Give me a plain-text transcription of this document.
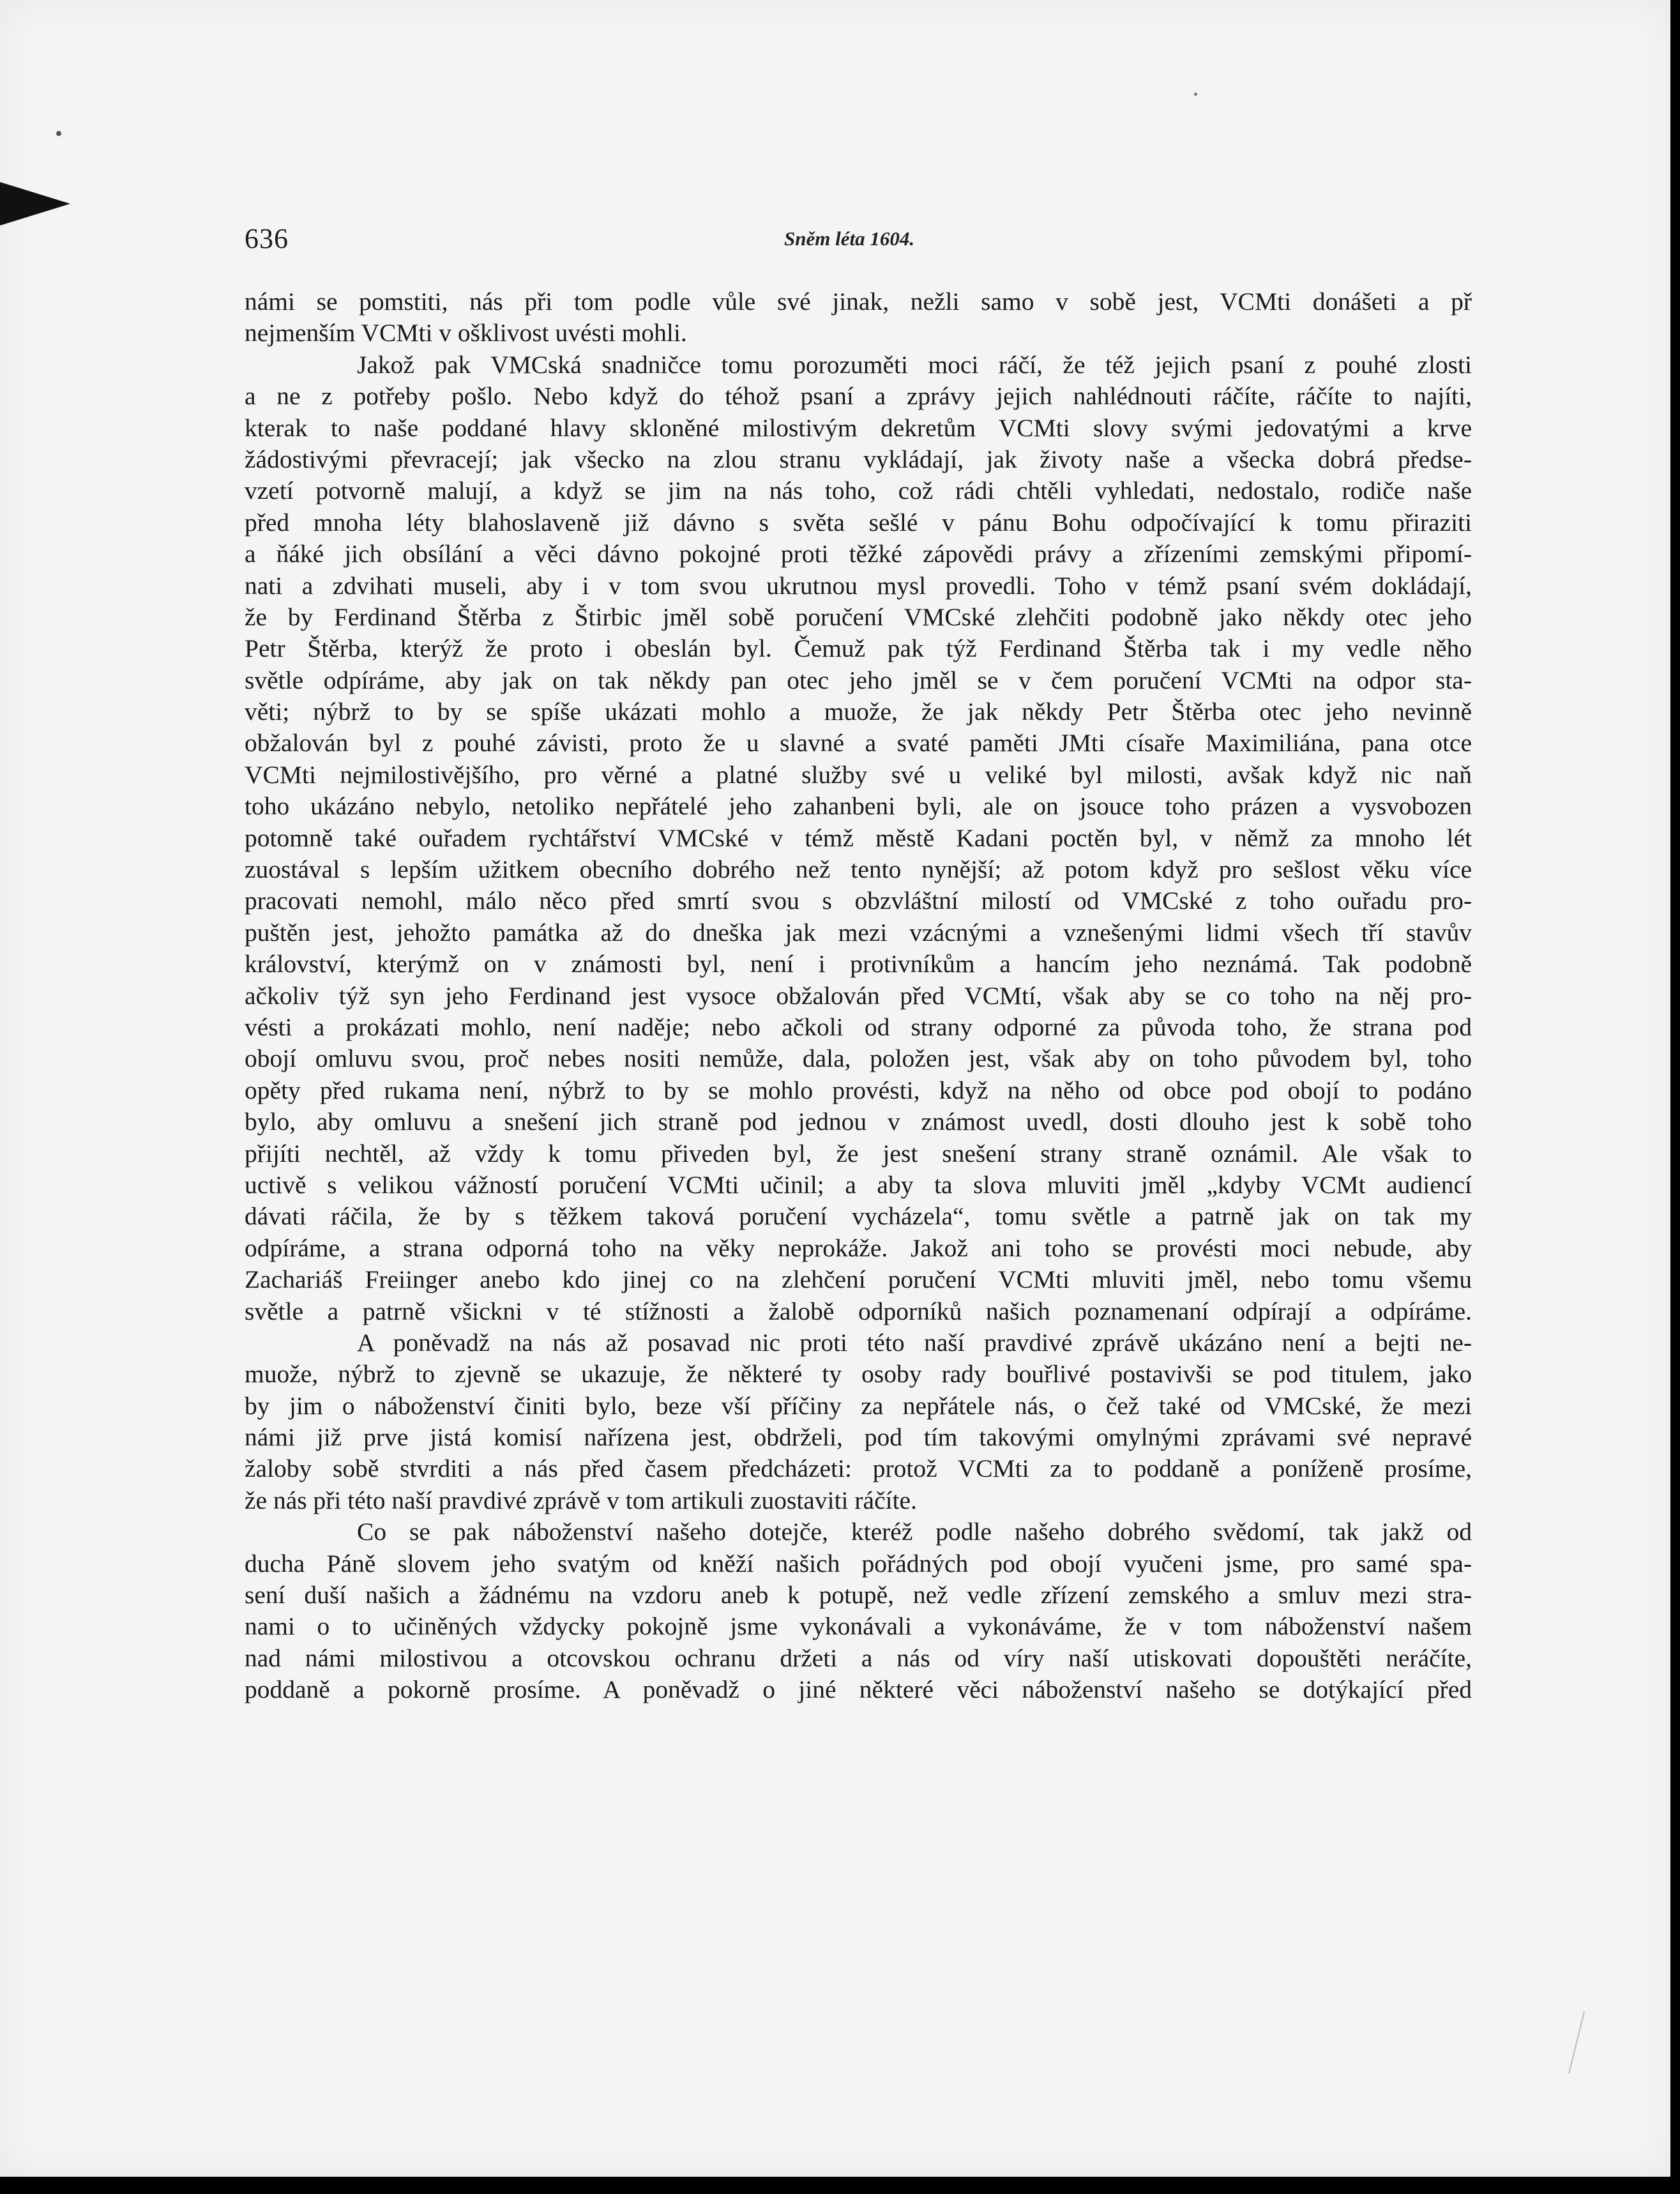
636	Sněm léta 1604.
námi se pomstiti, nás při tom podle vůle své jinak, nežli samo v sobě jest, VCMti donášeti a př
nejmenším VCMti v ošklivost uvésti mohli.
Jakož pak VMCská snadničce tomu porozuměti moci ráčí, že též jejich psaní z pouhé zlosti
a ne z potřeby pošlo. Nebo když do téhož psaní a zprávy jejich nahlédnouti ráčíte, ráčíte to najíti,
kterak to naše poddané hlavy skloněné milostivým dekretům VCMti slovy svými jedovatými a krve
žádostivými převracejí; jak všecko na zlou stranu vykládají, jak životy naše a všecka dobrá předse-
vzetí potvorně malují, a když se jim na nás toho, což rádi chtěli vyhledati, nedostalo, rodiče naše
před mnoha léty blahoslaveně již dávno s světa sešlé v pánu Bohu odpočívající k tomu přiraziti
a ňáké jich obsílání a věci dávno pokojné proti těžké zápovědi právy a zřízeními zemskými připomí-
nati a zdvihati museli, aby i v tom svou ukrutnou mysl provedli. Toho v témž psaní svém dokládají,
že by Ferdinand Štěrba z Štirbic jměl sobě poručení VMCské zlehčiti podobně jako někdy otec jeho
Petr Štěrba, kterýž že proto i obeslán byl. Čemuž pak týž Ferdinand Štěrba tak i my vedle něho
světle odpíráme, aby jak on tak někdy pan otec jeho jměl se v čem poručení VCMti na odpor sta-
věti; nýbrž to by se spíše ukázati mohlo a muože, že jak někdy Petr Štěrba otec jeho nevinně
obžalován byl z pouhé závisti, proto že u slavné a svaté paměti JMti císaře Maximiliána, pana otce
VCMti nejmilostivějšího, pro věrné a platné služby své u veliké byl milosti, avšak když nic naň
toho ukázáno nebylo, netoliko nepřátelé jeho zahanbeni byli, ale on jsouce toho prázen a vysvobozen
potomně také ouřadem rychtářství VMCské v témž městě Kadani poctěn byl, v němž za mnoho lét
zuostával s lepším užitkem obecního dobrého než tento nynější; až potom když pro sešlost věku více
pracovati nemohl, málo něco před smrtí svou s obzvláštní milostí od VMCské z toho ouřadu pro-
puštěn jest, jehožto památka až do dneška jak mezi vzácnými a vznešenými lidmi všech tří stavův
království, kterýmž on v známosti byl, není i protivníkům a hancím jeho neznámá. Tak podobně
ačkoliv týž syn jeho Ferdinand jest vysoce obžalován před VCMtí, však aby se co toho na něj pro-
vésti a prokázati mohlo, není naděje; nebo ačkoli od strany odporné za původa toho, že strana pod
obojí omluvu svou, proč nebes nositi nemůže, dala, položen jest, však aby on toho původem byl, toho
opěty před rukama není, nýbrž to by se mohlo provésti, když na něho od obce pod obojí to podáno
bylo, aby omluvu a snešení jich straně pod jednou v známost uvedl, dosti dlouho jest k sobě toho
přijíti nechtěl, až vždy k tomu přiveden byl, že jest snešení strany straně oznámil. Ale však to
uctivě s velikou vážností poručení VCMti učinil; a aby ta slova mluviti jměl „kdyby VCMt audiencí
dávati ráčila, že by s těžkem taková poručení vycházela“, tomu světle a patrně jak on tak my
odpíráme, a strana odporná toho na věky neprokáže. Jakož ani toho se provésti moci nebude, aby
Zachariáš Freiinger anebo kdo jinej co na zlehčení poručení VCMti mluviti jměl, nebo tomu všemu
světle a patrně všickni v té stížnosti a žalobě odporníků našich poznamenaní odpírají a odpíráme.
A poněvadž na nás až posavad nic proti této naší pravdivé zprávě ukázáno není a bejti ne-
muože, nýbrž to zjevně se ukazuje, že některé ty osoby rady bouřlivé postavivši se pod titulem, jako
by jim o náboženství činiti bylo, beze vší příčiny za nepřátele nás, o čež také od VMCské, že mezi
námi již prve jistá komisí nařízena jest, obdrželi, pod tím takovými omylnými zprávami své nepravé
žaloby sobě stvrditi a nás před časem předcházeti: protož VCMti za to poddaně a poníženě prosíme,
že nás při této naší pravdivé zprávě v tom artikuli zuostaviti ráčíte.
Co se pak náboženství našeho dotejče, kteréž podle našeho dobrého svědomí, tak jakž od
ducha Páně slovem jeho svatým od kněží našich pořádných pod obojí vyučeni jsme, pro samé spa-
sení duší našich a žádnému na vzdoru aneb k potupě, než vedle zřízení zemského a smluv mezi stra-
nami o to učiněných vždycky pokojně jsme vykonávali a vykonáváme, že v tom náboženství našem
nad námi milostivou a otcovskou ochranu držeti a nás od víry naší utiskovati dopouštěti neráčíte,
poddaně a pokorně prosíme. A poněvadž o jiné některé věci náboženství našeho se dotýkající před
